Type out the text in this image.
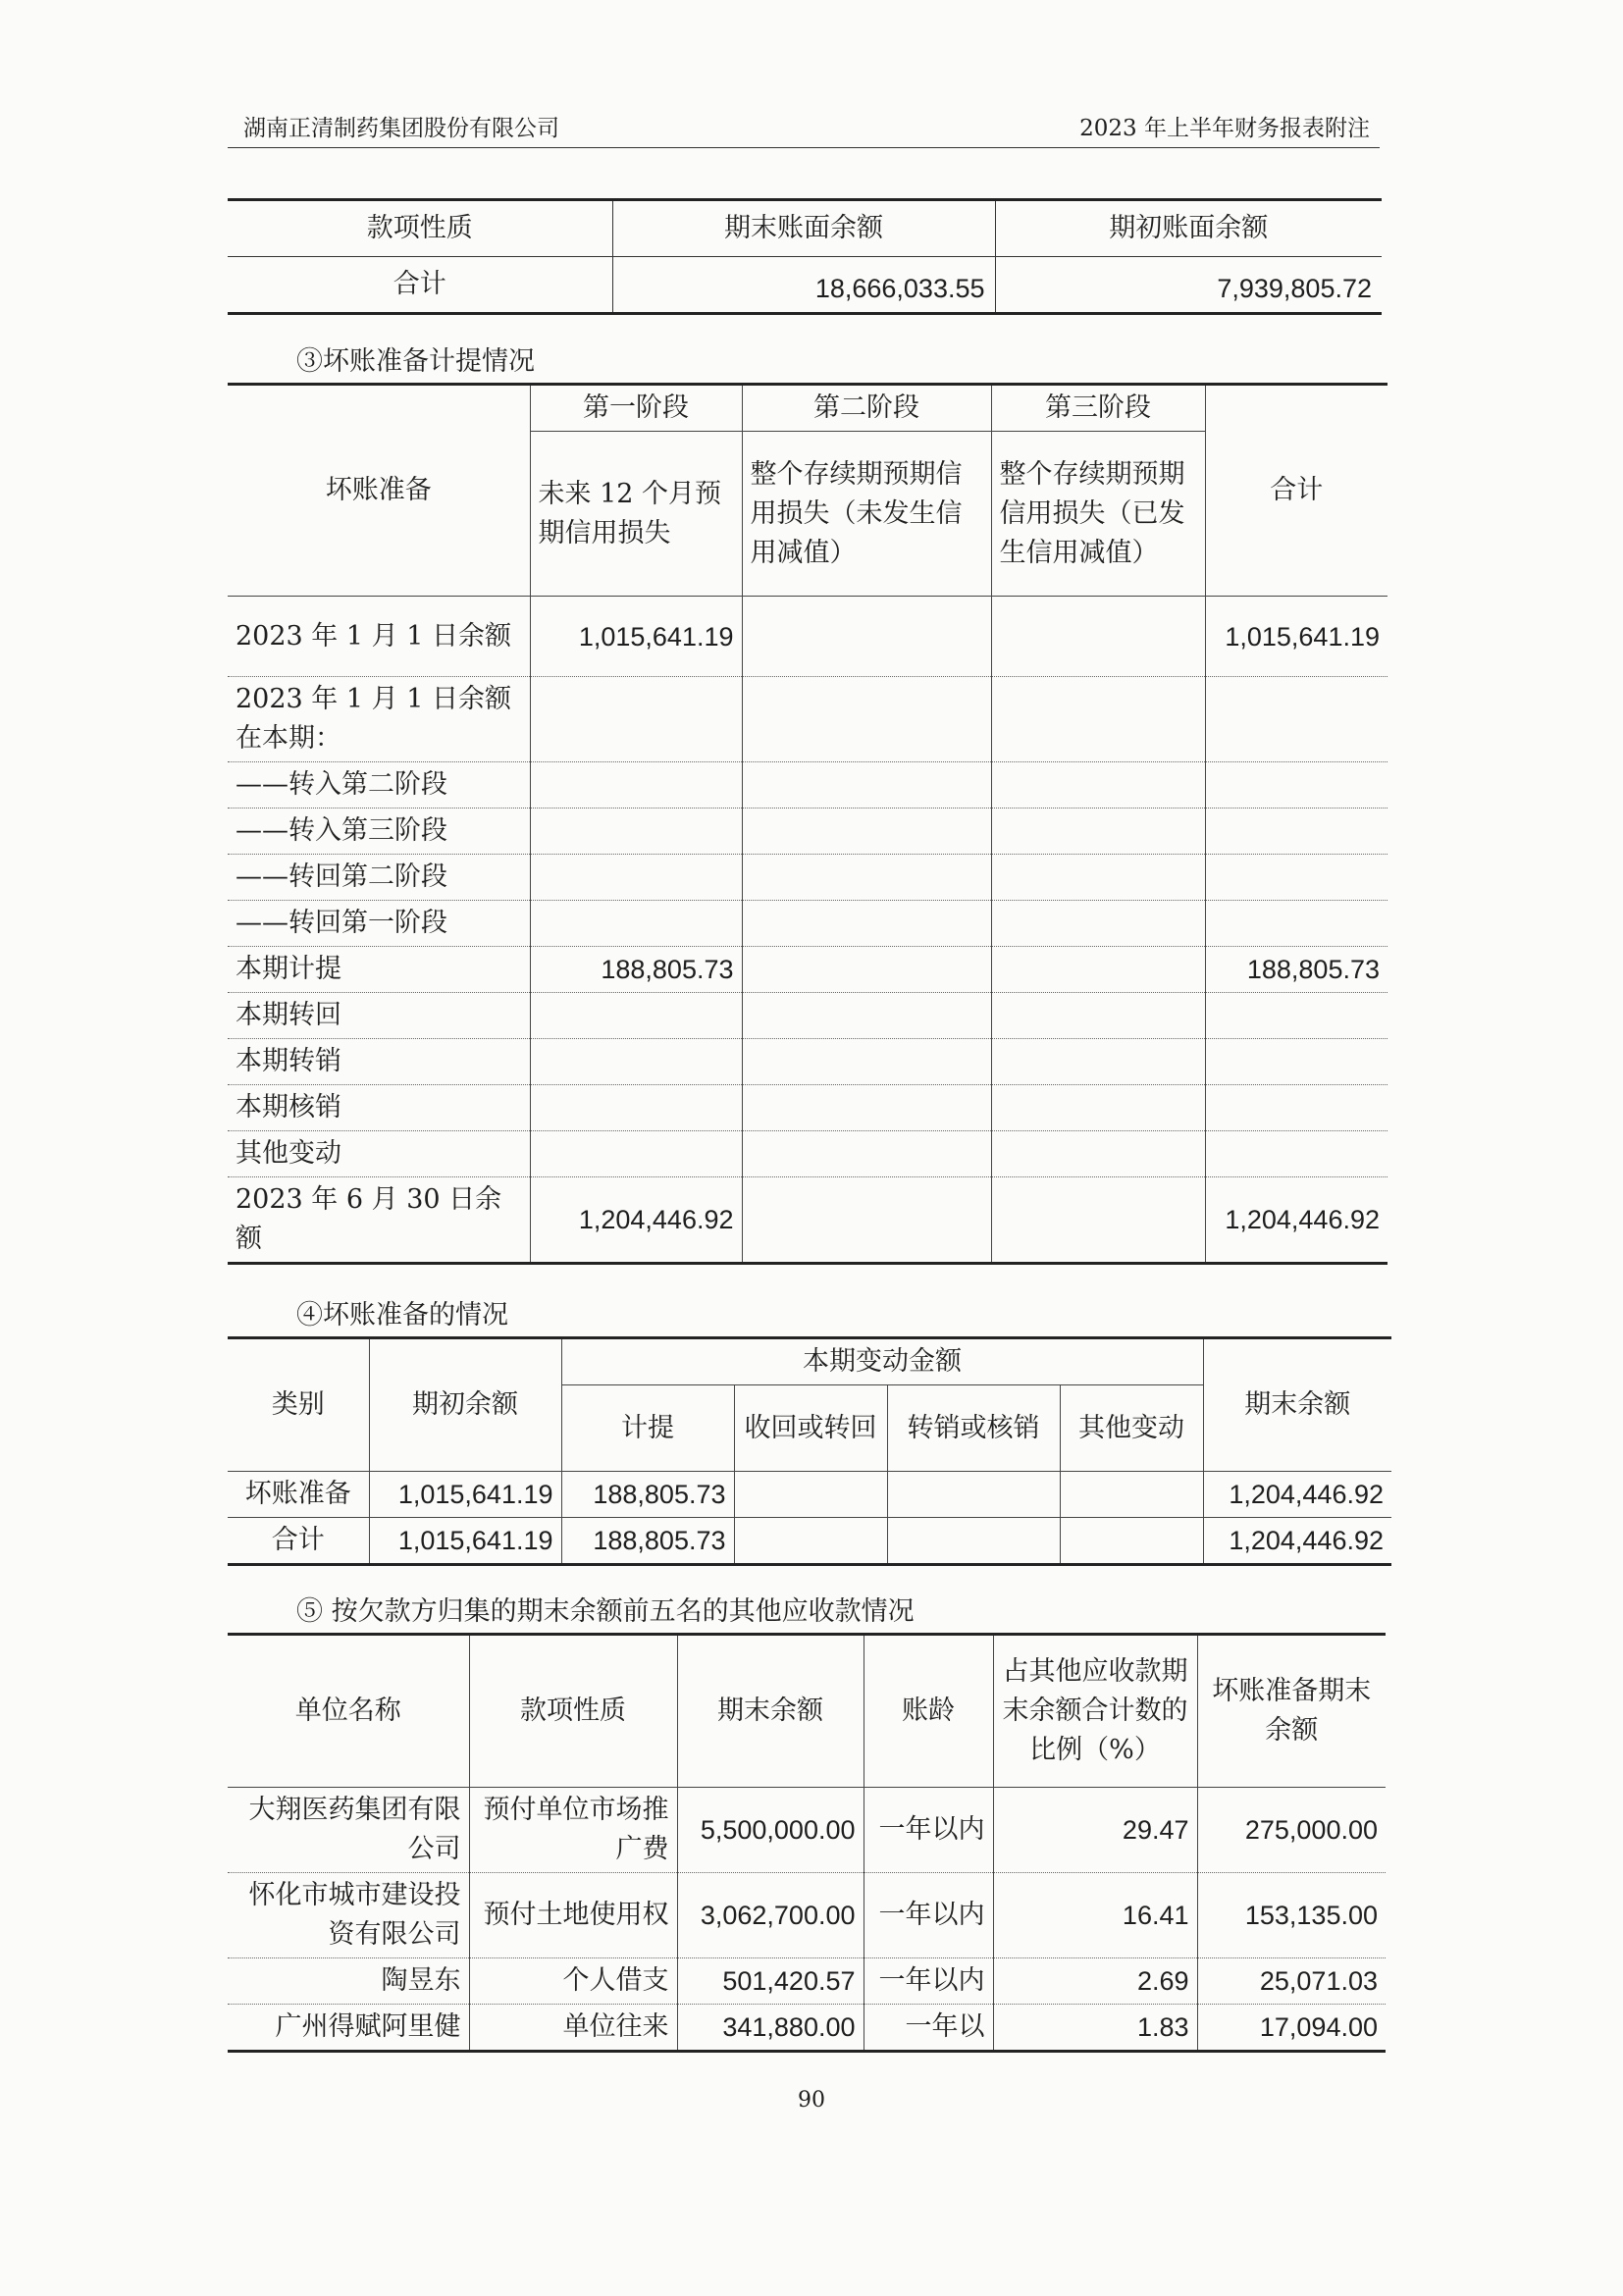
湖南正清制药集团股份有限公司	2023 年上半年财务报表附注
款项性质	期末账面余额	期初账面余额
合计	18,666,033.55	7,939,805.72
③坏账准备计提情况
坏账准备	第一阶段	第二阶段	第三阶段	合计
	未来 12 个月预期信用损失	整个存续期预期信用损失（未发生信用减值）	整个存续期预期信用损失（已发生信用减值）	
2023 年 1 月 1 日余额	1,015,641.19			1,015,641.19
2023 年 1 月 1 日余额在本期：				
——转入第二阶段				
——转入第三阶段				
——转回第二阶段				
——转回第一阶段				
本期计提	188,805.73			188,805.73
本期转回				
本期转销				
本期核销				
其他变动				
2023 年 6 月 30 日余额	1,204,446.92			1,204,446.92
④坏账准备的情况
类别	期初余额	本期变动金额				期末余额
		计提	收回或转回	转销或核销	其他变动	
坏账准备	1,015,641.19	188,805.73				1,204,446.92
合计	1,015,641.19	188,805.73				1,204,446.92
⑤ 按欠款方归集的期末余额前五名的其他应收款情况
单位名称	款项性质	期末余额	账龄	占其他应收款期末余额合计数的比例（%）	坏账准备期末余额
大翔医药集团有限公司	预付单位市场推广费	5,500,000.00	一年以内	29.47	275,000.00
怀化市城市建设投资有限公司	预付土地使用权	3,062,700.00	一年以内	16.41	153,135.00
陶昱东	个人借支	501,420.57	一年以内	2.69	25,071.03
广州得赋阿里健	单位往来	341,880.00	一年以	1.83	17,094.00
90
